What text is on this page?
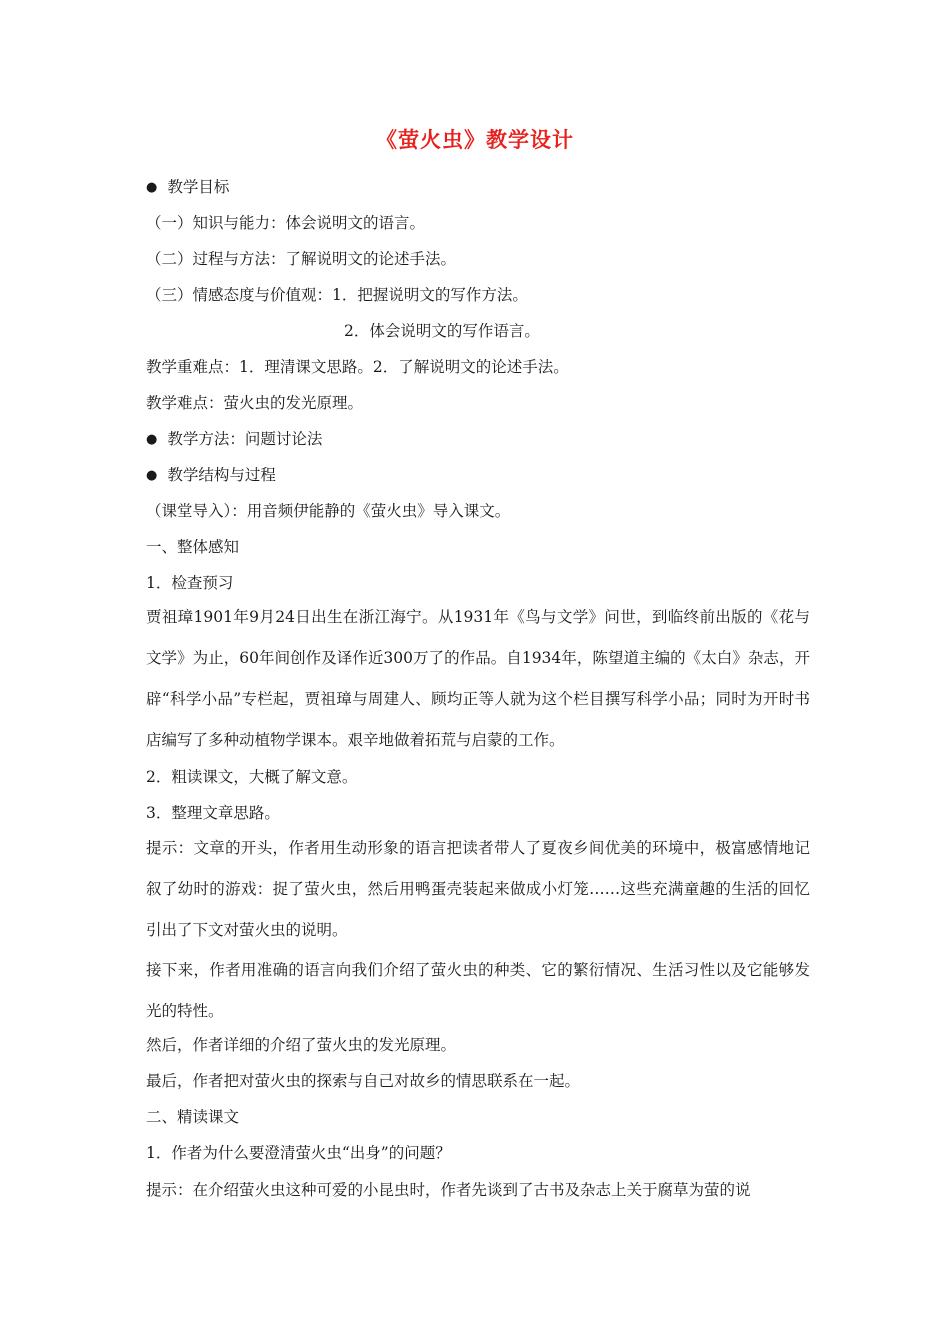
《萤火虫》教学设计
● 教学目标
（一）知识与能力：体会说明文的语言。
（二）过程与方法：了解说明文的论述手法。
（三）情感态度与价值观：1．把握说明文的写作方法。
2．体会说明文的写作语言。
教学重难点：1．理清课文思路。2．了解说明文的论述手法。
教学难点：萤火虫的发光原理。
● 教学方法：问题讨论法
● 教学结构与过程
（课堂导入）：用音频伊能静的《萤火虫》导入课文。
一、整体感知
1．检查预习
贾祖璋1901年9月24日出生在浙江海宁。从1931年《鸟与文学》问世，到临终前出版的《花与文学》为止，60年间创作及译作近300万了的作品。自1934年，陈望道主编的《太白》杂志，开辟“科学小品”专栏起，贾祖璋与周建人、顾均正等人就为这个栏目撰写科学小品；同时为开时书店编写了多种动植物学课本。艰辛地做着拓荒与启蒙的工作。
2．粗读课文，大概了解文意。
3．整理文章思路。
提示：文章的开头，作者用生动形象的语言把读者带人了夏夜乡间优美的环境中，极富感情地记叙了幼时的游戏：捉了萤火虫，然后用鸭蛋壳装起来做成小灯笼……这些充满童趣的生活的回忆引出了下文对萤火虫的说明。
接下来，作者用准确的语言向我们介绍了萤火虫的种类、它的繁衍情况、生活习性以及它能够发光的特性。
然后，作者详细的介绍了萤火虫的发光原理。
最后，作者把对萤火虫的探索与自己对故乡的情思联系在一起。
二、精读课文
1．作者为什么要澄清萤火虫“出身”的问题？
提示：在介绍萤火虫这种可爱的小昆虫时，作者先谈到了古书及杂志上关于腐草为萤的说
